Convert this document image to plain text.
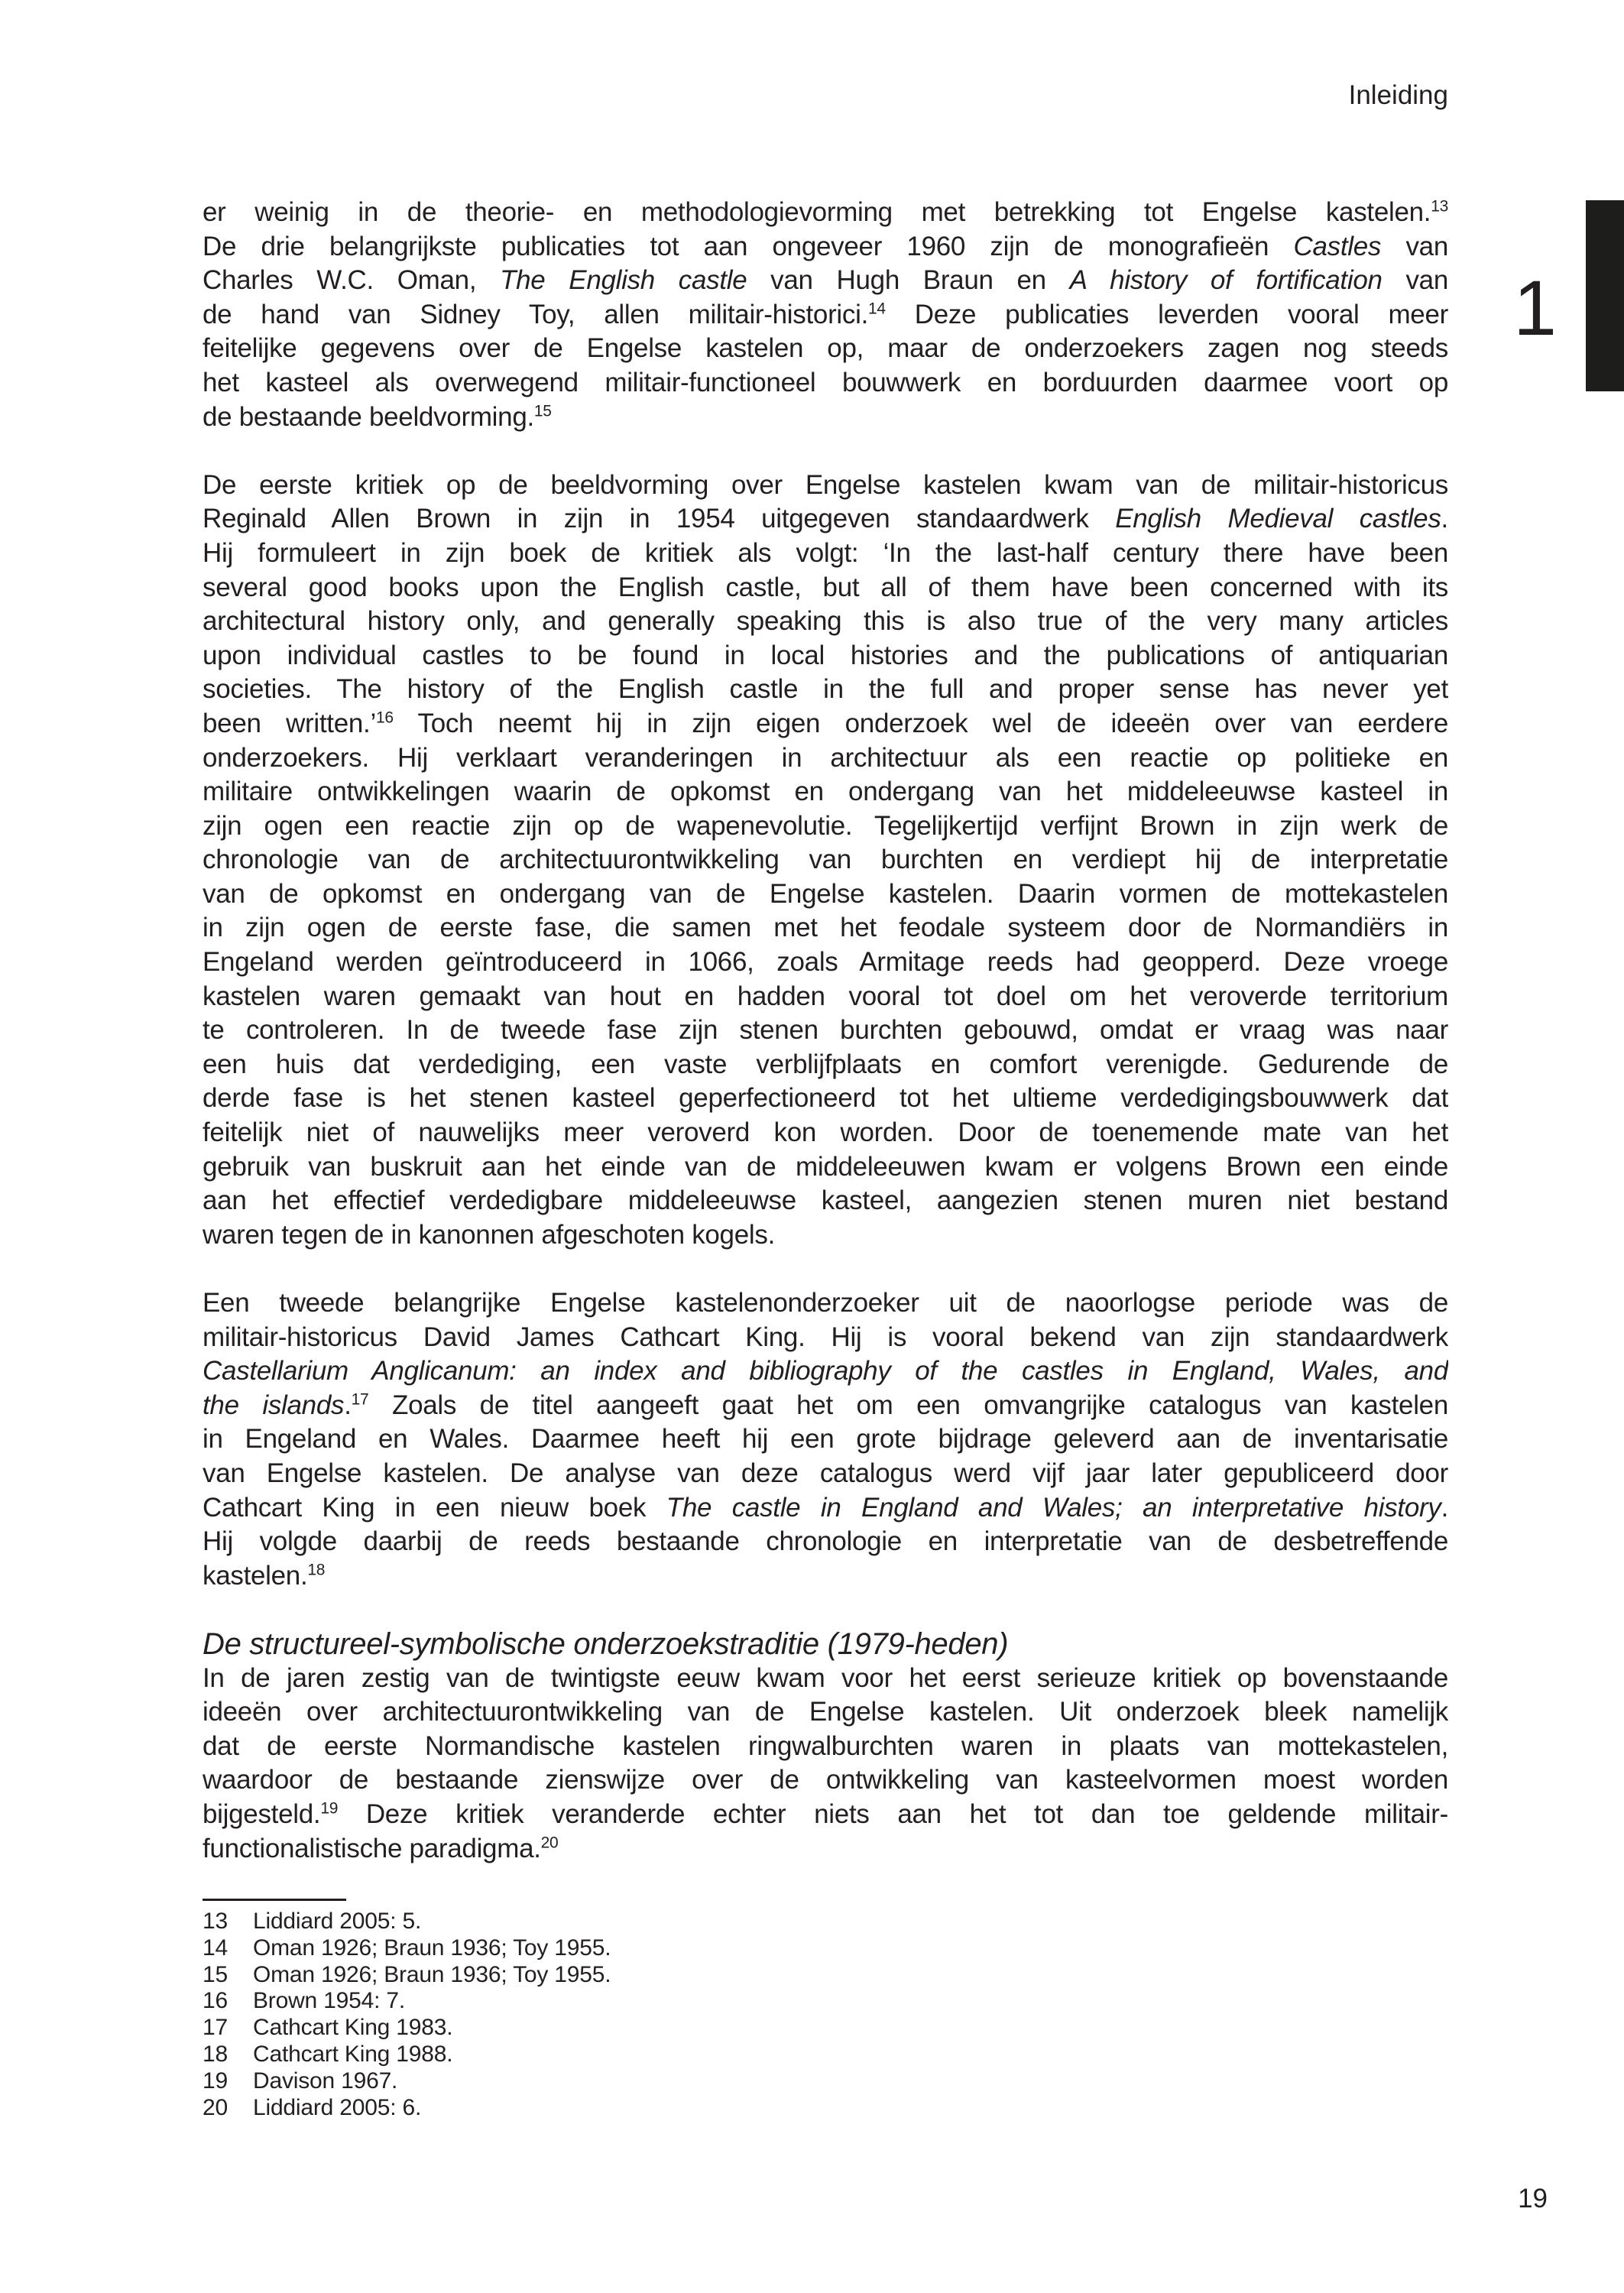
Inleiding
1
er weinig in de theorie- en methodologievorming met betrekking tot Engelse kastelen.$^{13}$
De drie belangrijkste publicaties tot aan ongeveer 1960 zijn de monografieën Castles van
Charles W.C. Oman, The English castle van Hugh Braun en A history of fortification van
de hand van Sidney Toy, allen militair-historici.$^{14}$ Deze publicaties leverden vooral meer
feitelijke gegevens over de Engelse kastelen op, maar de onderzoekers zagen nog steeds
het kasteel als overwegend militair-functioneel bouwwerk en borduurden daarmee voort op
de bestaande beeldvorming.$^{15}$
De eerste kritiek op de beeldvorming over Engelse kastelen kwam van de militair-historicus
Reginald Allen Brown in zijn in 1954 uitgegeven standaardwerk English Medieval castles.
Hij formuleert in zijn boek de kritiek als volgt: ‘In the last-half century there have been
several good books upon the English castle, but all of them have been concerned with its
architectural history only, and generally speaking this is also true of the very many articles
upon individual castles to be found in local histories and the publications of antiquarian
societies. The history of the English castle in the full and proper sense has never yet
been written.’$^{16}$ Toch neemt hij in zijn eigen onderzoek wel de ideeën over van eerdere
onderzoekers. Hij verklaart veranderingen in architectuur als een reactie op politieke en
militaire ontwikkelingen waarin de opkomst en ondergang van het middeleeuwse kasteel in
zijn ogen een reactie zijn op de wapenevolutie. Tegelijkertijd verfijnt Brown in zijn werk de
chronologie van de architectuurontwikkeling van burchten en verdiept hij de interpretatie
van de opkomst en ondergang van de Engelse kastelen. Daarin vormen de mottekastelen
in zijn ogen de eerste fase, die samen met het feodale systeem door de Normandiërs in
Engeland werden geïntroduceerd in 1066, zoals Armitage reeds had geopperd. Deze vroege
kastelen waren gemaakt van hout en hadden vooral tot doel om het veroverde territorium
te controleren. In de tweede fase zijn stenen burchten gebouwd, omdat er vraag was naar
een huis dat verdediging, een vaste verblijfplaats en comfort verenigde. Gedurende de
derde fase is het stenen kasteel geperfectioneerd tot het ultieme verdedigingsbouwwerk dat
feitelijk niet of nauwelijks meer veroverd kon worden. Door de toenemende mate van het
gebruik van buskruit aan het einde van de middeleeuwen kwam er volgens Brown een einde
aan het effectief verdedigbare middeleeuwse kasteel, aangezien stenen muren niet bestand
waren tegen de in kanonnen afgeschoten kogels.
Een tweede belangrijke Engelse kastelenonderzoeker uit de naoorlogse periode was de
militair-historicus David James Cathcart King. Hij is vooral bekend van zijn standaardwerk
Castellarium Anglicanum: an index and bibliography of the castles in England, Wales, and
the islands.$^{17}$ Zoals de titel aangeeft gaat het om een omvangrijke catalogus van kastelen
in Engeland en Wales. Daarmee heeft hij een grote bijdrage geleverd aan de inventarisatie
van Engelse kastelen. De analyse van deze catalogus werd vijf jaar later gepubliceerd door
Cathcart King in een nieuw boek The castle in England and Wales; an interpretative history.
Hij volgde daarbij de reeds bestaande chronologie en interpretatie van de desbetreffende
kastelen.$^{18}$
De structureel-symbolische onderzoekstraditie (1979-heden)
In de jaren zestig van de twintigste eeuw kwam voor het eerst serieuze kritiek op bovenstaande
ideeën over architectuurontwikkeling van de Engelse kastelen. Uit onderzoek bleek namelijk
dat de eerste Normandische kastelen ringwalburchten waren in plaats van mottekastelen,
waardoor de bestaande zienswijze over de ontwikkeling van kasteelvormen moest worden
bijgesteld.$^{19}$ Deze kritiek veranderde echter niets aan het tot dan toe geldende militair-
functionalistische paradigma.$^{20}$
13	Liddiard 2005: 5.
14	Oman 1926; Braun 1936; Toy 1955.
15	Oman 1926; Braun 1936; Toy 1955.
16	Brown 1954: 7.
17	Cathcart King 1983.
18	Cathcart King 1988.
19	Davison 1967.
20	Liddiard 2005: 6.
19
